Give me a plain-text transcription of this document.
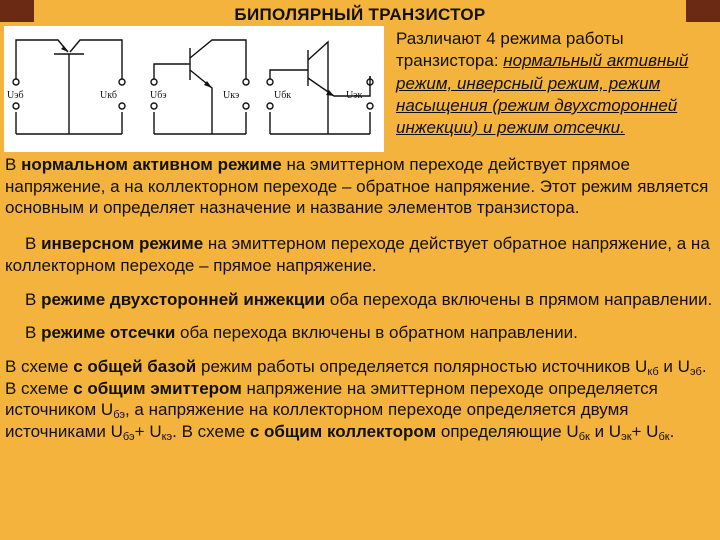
БИПОЛЯРНЫЙ ТРАНЗИСТОР
Uэб	Uкб	Uбэ	Uкэ	Uбк	Uэк
Различают 4 режима работы транзистора: нормальный активный режим, инверсный режим, режим насыщения (режим двухсторонней инжекции) и режим отсечки.

В нормальном активном режиме на эмиттерном переходе действует прямое напряжение, а на коллекторном переходе – обратное напряжение. Этот режим является основным и определяет назначение и название элементов транзистора.

В инверсном режиме на эмиттерном переходе действует обратное напряжение, а на коллекторном переходе – прямое напряжение.

В режиме двухсторонней инжекции оба перехода включены в прямом направлении.

В режиме отсечки оба перехода включены в обратном направлении.

В схеме с общей базой режим работы определяется полярностью источников $U_{кб}$ и $U_{эб}$. В схеме с общим эмиттером напряжение на эмиттерном переходе определяется источником $U_{бэ}$, а напряжение на коллекторном переходе определяется двумя источниками $U_{бэ}+ U_{кэ}$. В схеме с общим коллектором определяющие $U_{бк}$ и $U_{эк}+ U_{бк}$.
